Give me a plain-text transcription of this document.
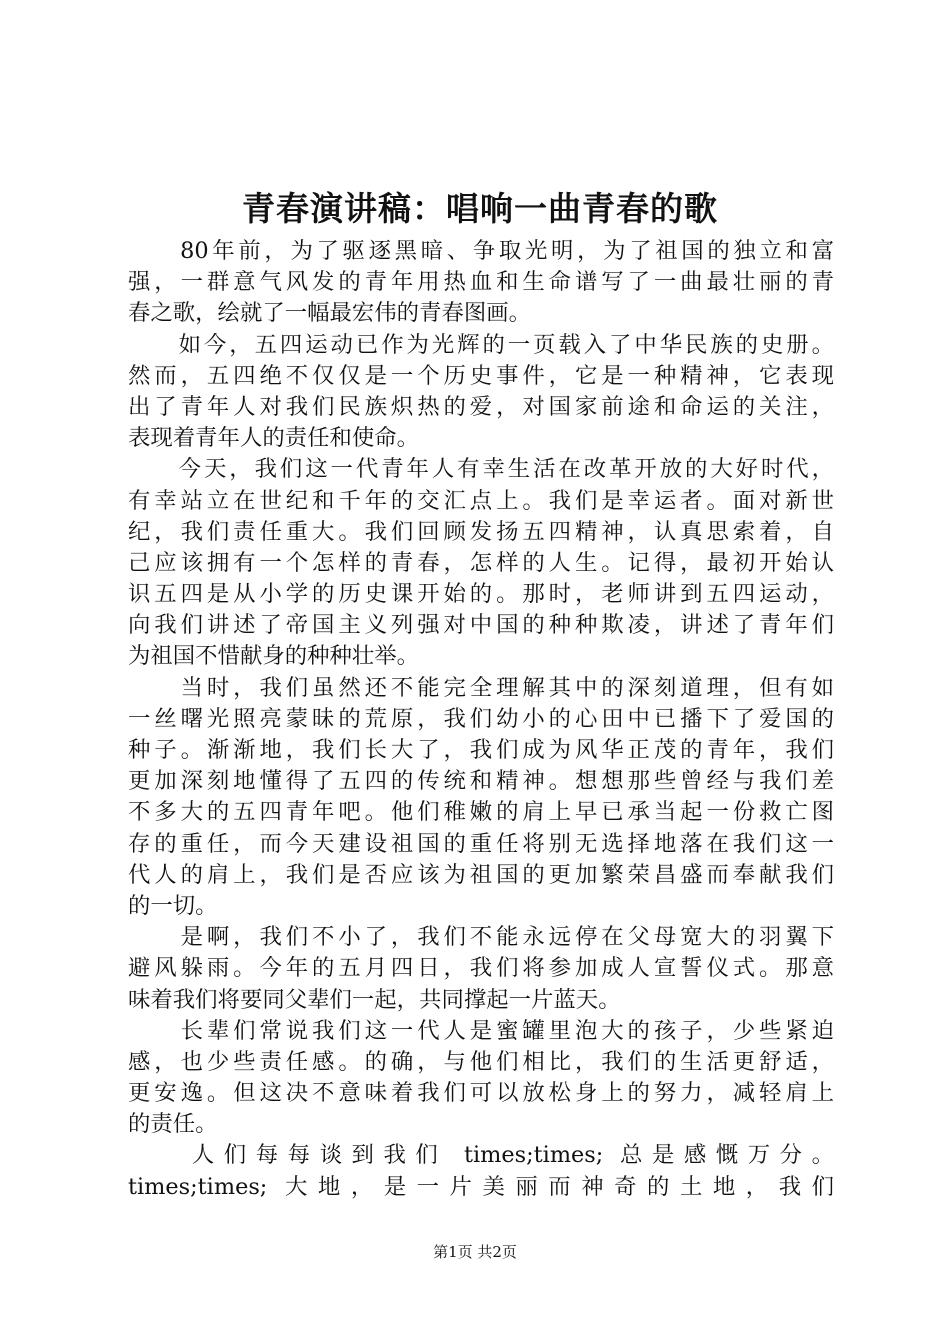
青春演讲稿：唱响一曲青春的歌
　　80年前，为了驱逐黑暗、争取光明，为了祖国的独立和富
强，一群意气风发的青年用热血和生命谱写了一曲最壮丽的青
春之歌，绘就了一幅最宏伟的青春图画。
　　如今，五四运动已作为光辉的一页载入了中华民族的史册。
然而，五四绝不仅仅是一个历史事件，它是一种精神，它表现
出了青年人对我们民族炽热的爱，对国家前途和命运的关注，
表现着青年人的责任和使命。
　　今天，我们这一代青年人有幸生活在改革开放的大好时代，
有幸站立在世纪和千年的交汇点上。我们是幸运者。面对新世
纪，我们责任重大。我们回顾发扬五四精神，认真思索着，自
己应该拥有一个怎样的青春，怎样的人生。记得，最初开始认
识五四是从小学的历史课开始的。那时，老师讲到五四运动，
向我们讲述了帝国主义列强对中国的种种欺凌，讲述了青年们
为祖国不惜献身的种种壮举。
　　当时，我们虽然还不能完全理解其中的深刻道理，但有如
一丝曙光照亮蒙昧的荒原，我们幼小的心田中已播下了爱国的
种子。渐渐地，我们长大了，我们成为风华正茂的青年，我们
更加深刻地懂得了五四的传统和精神。想想那些曾经与我们差
不多大的五四青年吧。他们稚嫩的肩上早已承当起一份救亡图
存的重任，而今天建设祖国的重任将别无选择地落在我们这一
代人的肩上，我们是否应该为祖国的更加繁荣昌盛而奉献我们
的一切。
　　是啊，我们不小了，我们不能永远停在父母宽大的羽翼下
避风躲雨。今年的五月四日，我们将参加成人宣誓仪式。那意
味着我们将要同父辈们一起，共同撑起一片蓝天。
　　长辈们常说我们这一代人是蜜罐里泡大的孩子，少些紧迫
感，也少些责任感。的确，与他们相比，我们的生活更舒适，
更安逸。但这决不意味着我们可以放松身上的努力，减轻肩上
的责任。
　　人们每每谈到我们 times;times; 总是感慨万分。
times;times; 大地，是一片美丽而神奇的土地，我们
第1页 共2页
